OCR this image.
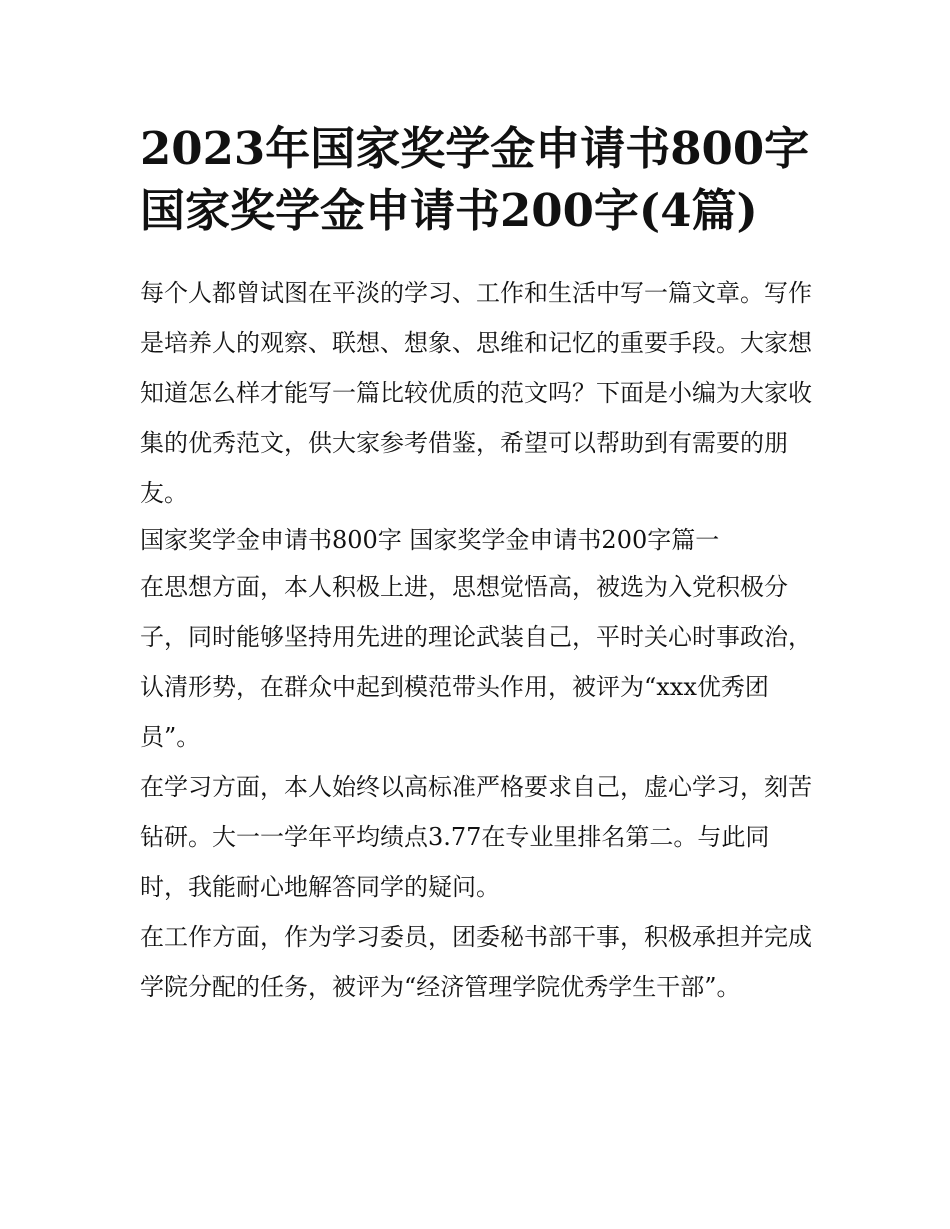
2023年国家奖学金申请书800字 国家奖学金申请书200字(4篇)

每个人都曾试图在平淡的学习、工作和生活中写一篇文章。写作是培养人的观察、联想、想象、思维和记忆的重要手段。大家想知道怎么样才能写一篇比较优质的范文吗？下面是小编为大家收集的优秀范文，供大家参考借鉴，希望可以帮助到有需要的朋友。

国家奖学金申请书800字 国家奖学金申请书200字篇一

在思想方面，本人积极上进，思想觉悟高，被选为入党积极分子，同时能够坚持用先进的理论武装自己，平时关心时事政治，认清形势，在群众中起到模范带头作用，被评为“xxx优秀团员”。

在学习方面，本人始终以高标准严格要求自己，虚心学习，刻苦钻研。大一一学年平均绩点3.77在专业里排名第二。与此同时，我能耐心地解答同学的疑问。

在工作方面，作为学习委员，团委秘书部干事，积极承担并完成学院分配的任务，被评为“经济管理学院优秀学生干部”。
